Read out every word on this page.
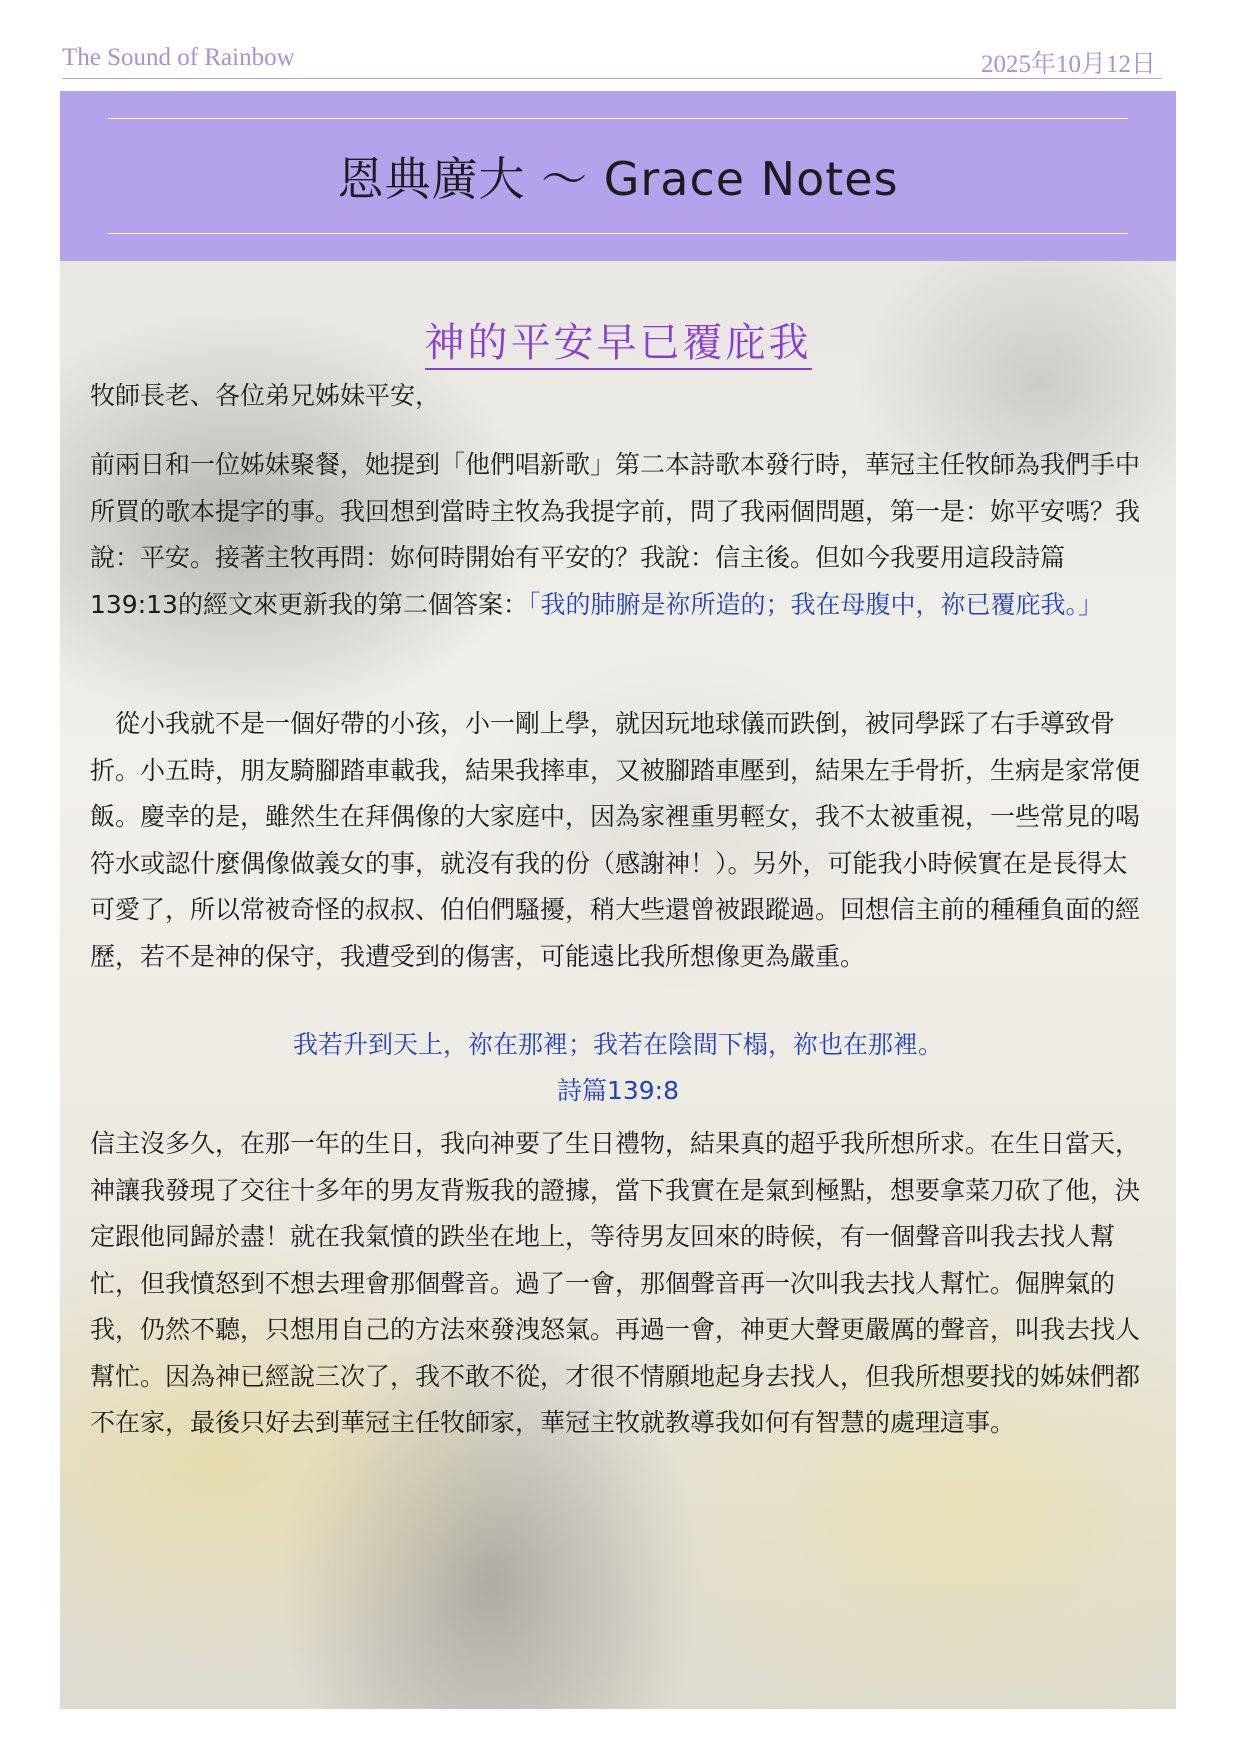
The Sound of Rainbow	2025年10月12日
恩典廣大 ～ Grace Notes
神的平安早已覆庇我
牧師長老、各位弟兄姊妹平安，
前兩日和一位姊妹聚餐，她提到「他們唱新歌」第二本詩歌本發行時，華冠主任牧師為我們手中所買的歌本提字的事。我回想到當時主牧為我提字前，問了我兩個問題，第一是：妳平安嗎？我說：平安。接著主牧再問：妳何時開始有平安的？我說：信主後。但如今我要用這段詩篇139:13的經文來更新我的第二個答案：「我的肺腑是祢所造的；我在母腹中，祢已覆庇我。」
從小我就不是一個好帶的小孩，小一剛上學，就因玩地球儀而跌倒，被同學踩了右手導致骨折。小五時，朋友騎腳踏車載我，結果我摔車，又被腳踏車壓到，結果左手骨折，生病是家常便飯。慶幸的是，雖然生在拜偶像的大家庭中，因為家裡重男輕女，我不太被重視，一些常見的喝符水或認什麼偶像做義女的事，就沒有我的份（感謝神！）。另外，可能我小時候實在是長得太可愛了，所以常被奇怪的叔叔、伯伯們騷擾，稍大些還曾被跟蹤過。回想信主前的種種負面的經歷，若不是神的保守，我遭受到的傷害，可能遠比我所想像更為嚴重。
我若升到天上，祢在那裡；我若在陰間下榻，祢也在那裡。
詩篇139:8
信主沒多久，在那一年的生日，我向神要了生日禮物，結果真的超乎我所想所求。在生日當天，神讓我發現了交往十多年的男友背叛我的證據，當下我實在是氣到極點，想要拿菜刀砍了他，決定跟他同歸於盡！就在我氣憤的跌坐在地上，等待男友回來的時候，有一個聲音叫我去找人幫忙，但我憤怒到不想去理會那個聲音。過了一會，那個聲音再一次叫我去找人幫忙。倔脾氣的我，仍然不聽，只想用自己的方法來發洩怒氣。再過一會，神更大聲更嚴厲的聲音，叫我去找人幫忙。因為神已經說三次了，我不敢不從，才很不情願地起身去找人，但我所想要找的姊妹們都不在家，最後只好去到華冠主任牧師家，華冠主牧就教導我如何有智慧的處理這事。
